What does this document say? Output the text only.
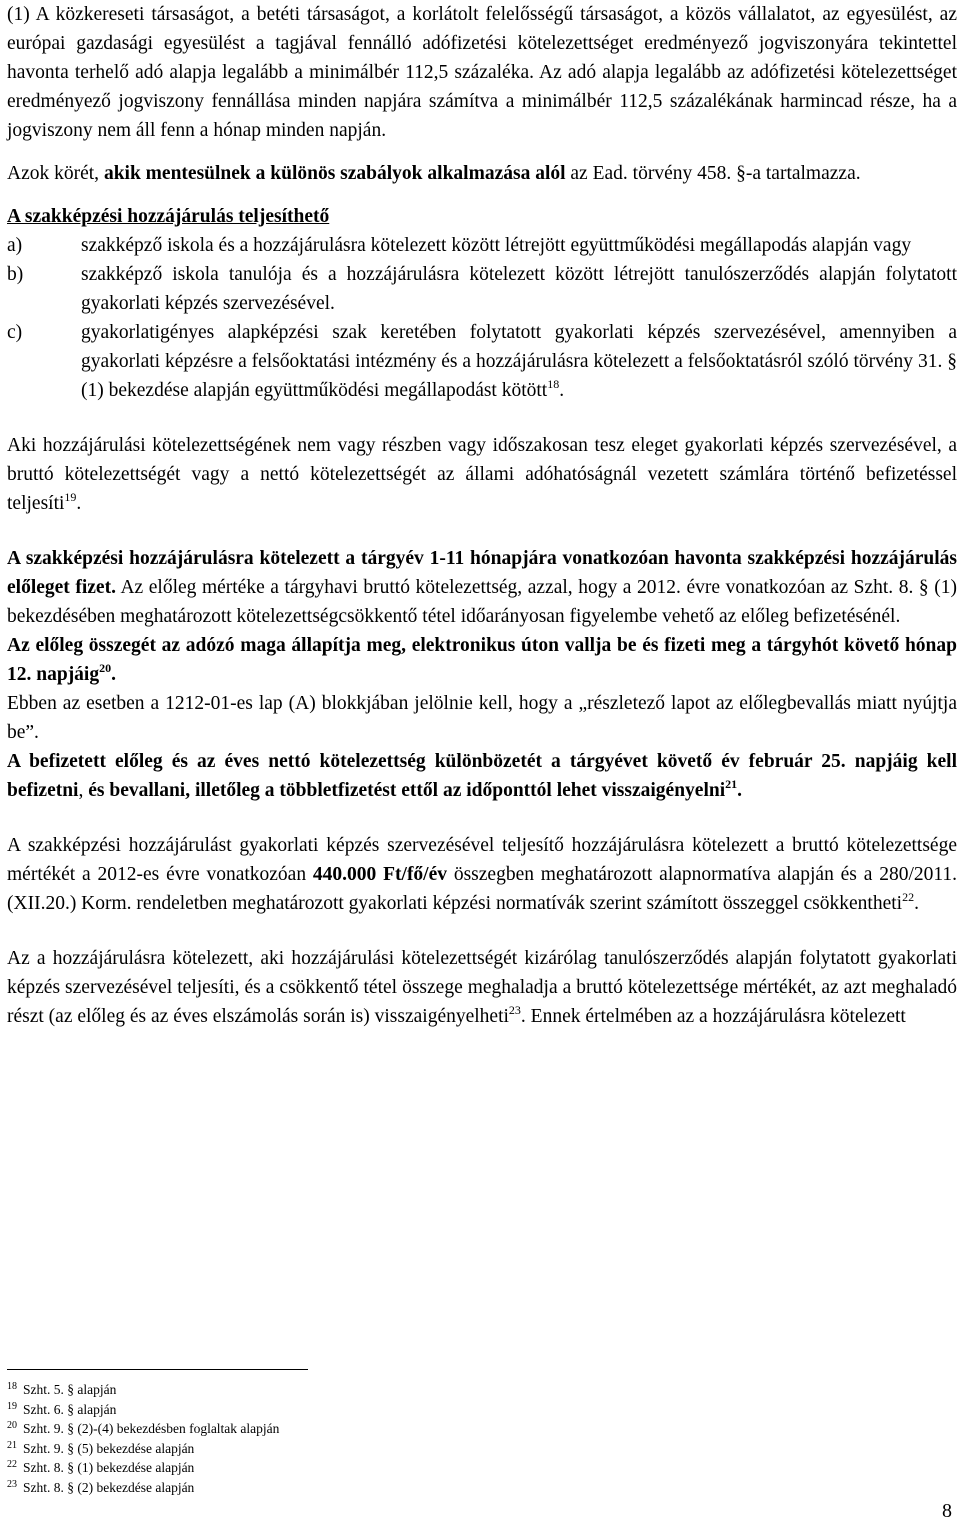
(1) A közkereseti társaságot, a betéti társaságot, a korlátolt felelősségű társaságot, a közös vállalatot, az egyesülést, az európai gazdasági egyesülést a tagjával fennálló adófizetési kötelezettséget eredményező jogviszonyára tekintettel havonta terhelő adó alapja legalább a minimálbér 112,5 százaléka. Az adó alapja legalább az adófizetési kötelezettséget eredményező jogviszony fennállása minden napjára számítva a minimálbér 112,5 százalékának harmincad része, ha a jogviszony nem áll fenn a hónap minden napján.

Azok körét, akik mentesülnek a különös szabályok alkalmazása alól az Ead. törvény 458. §-a tartalmazza.

A szakképzési hozzájárulás teljesíthető

a)	szakképző iskola és a hozzájárulásra kötelezett között létrejött együttműködési megállapodás alapján vagy
b)	szakképző iskola tanulója és a hozzájárulásra kötelezett között létrejött tanulószerződés alapján folytatott gyakorlati képzés szervezésével.
c)	gyakorlatigényes alapképzési szak keretében folytatott gyakorlati képzés szervezésével, amennyiben a gyakorlati képzésre a felsőoktatási intézmény és a hozzájárulásra kötelezett a felsőoktatásról szóló törvény 31. § (1) bekezdése alapján együttműködési megállapodást kötött$^{18}$.

Aki hozzájárulási kötelezettségének nem vagy részben vagy időszakosan tesz eleget gyakorlati képzés szervezésével, a bruttó kötelezettségét vagy a nettó kötelezettségét az állami adóhatóságnál vezetett számlára történő befizetéssel teljesíti$^{19}$.

A szakképzési hozzájárulásra kötelezett a tárgyév 1-11 hónapjára vonatkozóan havonta szakképzési hozzájárulás előleget fizet. Az előleg mértéke a tárgyhavi bruttó kötelezettség, azzal, hogy a 2012. évre vonatkozóan az Szht. 8. § (1) bekezdésében meghatározott kötelezettségcsökkentő tétel időarányosan figyelembe vehető az előleg befizetésénél.

Az előleg összegét az adózó maga állapítja meg, elektronikus úton vallja be és fizeti meg a tárgyhót követő hónap 12. napjáig$^{20}$.

Ebben az esetben a 1212-01-es lap (A) blokkjában jelölnie kell, hogy a „részletező lapot az előlegbevallás miatt nyújtja be”.

A befizetett előleg és az éves nettó kötelezettség különbözetét a tárgyévet követő év február 25. napjáig kell befizetni, és bevallani, illetőleg a többletfizetést ettől az időponttól lehet visszaigényelni$^{21}$.

A szakképzési hozzájárulást gyakorlati képzés szervezésével teljesítő hozzájárulásra kötelezett a bruttó kötelezettsége mértékét a 2012-es évre vonatkozóan 440.000 Ft/fő/év összegben meghatározott alapnormatíva alapján és a 280/2011. (XII.20.) Korm. rendeletben meghatározott gyakorlati képzési normatívák szerint számított összeggel csökkentheti$^{22}$.

Az a hozzájárulásra kötelezett, aki hozzájárulási kötelezettségét kizárólag tanulószerződés alapján folytatott gyakorlati képzés szervezésével teljesíti, és a csökkentő tétel összege meghaladja a bruttó kötelezettsége mértékét, az azt meghaladó részt (az előleg és az éves elszámolás során is) visszaigényelheti$^{23}$. Ennek értelmében az a hozzájárulásra kötelezett

$^{18}$ Szht. 5. § alapján

$^{19}$ Szht. 6. § alapján

$^{20}$ Szht. 9. § (2)-(4) bekezdésben foglaltak alapján

$^{21}$ Szht. 9. § (5) bekezdése alapján

$^{22}$ Szht. 8. § (1) bekezdése alapján

$^{23}$ Szht. 8. § (2) bekezdése alapján

8
